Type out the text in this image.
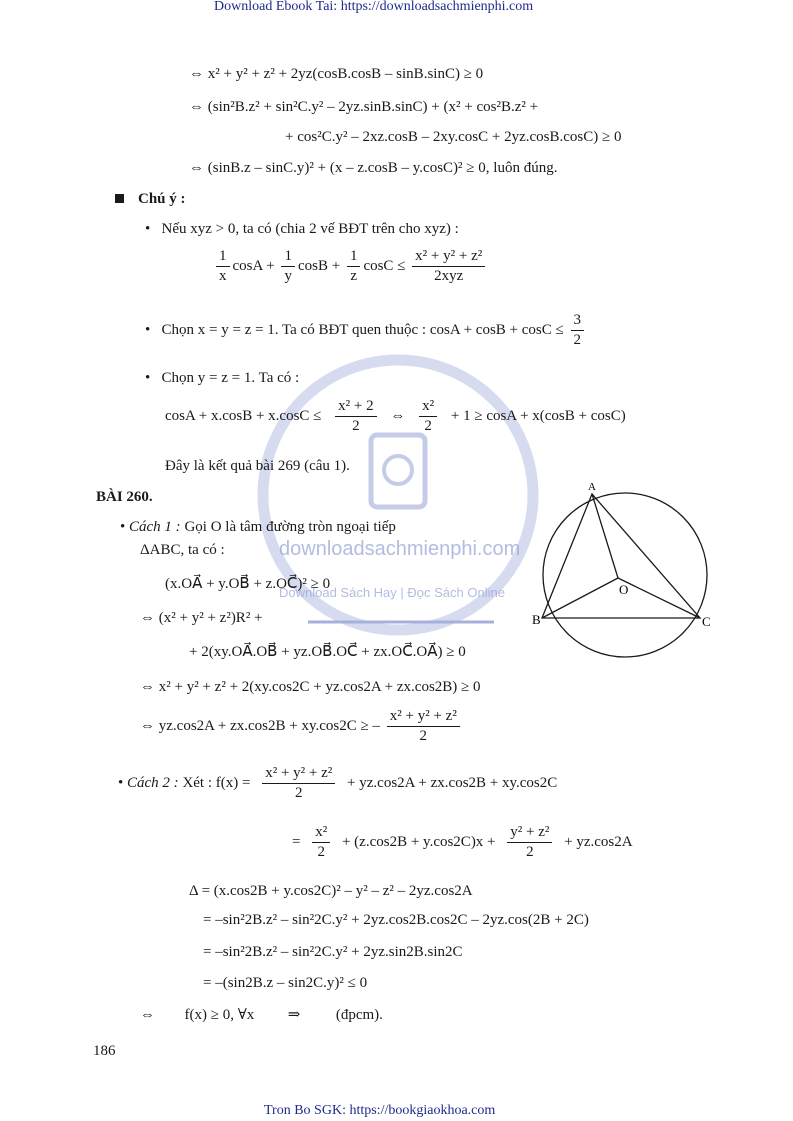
Download Ebook Tai: https://downloadsachmienphi.com
downloadsachmienphi.com
Download Sách Hay | Đọc Sách Online
⇔ x² + y² + z² + 2yz(cosB.cosB – sinB.sinC) ≥ 0
⇔ (sin²B.z² + sin²C.y² – 2yz.sinB.sinC) + (x² + cos²B.z² +
+ cos²C.y² – 2xz.cosB – 2xy.cosC + 2yz.cosB.cosC) ≥ 0
⇔ (sinB.z – sinC.y)² + (x – z.cosB – y.cosC)² ≥ 0, luôn đúng.
Chú ý :
• Nếu xyz > 0, ta có (chia 2 vế BĐT trên cho xyz) :
$\frac{1}{x}$ $\cos A + \frac{1}{y}$ $\cos B + \frac{1}{z}$ $\cos C \le \frac{\text{x² + y² + z²}}{\text{2xyz}}$
• Chọn x = y = z = 1. Ta có BĐT quen thuộc : $\cos A + \cos B + \cos C \le \frac{3}{2}$
• Chọn y = z = 1. Ta có :
$\cos A + x.\cos B + x.\cos C \le \frac{\text{x² + 2}}{2}$ ⇔ $\frac{\text{x²}}{2} + 1 \ge \cos A + x(\cos B + \cos C)$
Đây là kết quả bài 269 (câu 1).
BÀI 260.
• Cách 1 : Gọi O là tâm đường tròn ngoại tiếp
ΔABC, ta có :
(x.OA⃗ + y.OB⃗ + z.OC⃗)² ≥ 0
⇔ (x² + y² + z²)R² +
+ 2(xy.OA⃗.OB⃗ + yz.OB⃗.OC⃗ + zx.OC⃗.OA⃗) ≥ 0
⇔ x² + y² + z² + 2(xy.cos2C + yz.cos2A + zx.cos2B) ≥ 0
⇔ yz.cos2A + zx.cos2B + xy.cos2C ≥ – $\frac{\text{x² + y² + z²}}{2}$
A
B	C
O
• Cách 2 : Xét : $f(x) = \frac{\text{x² + y² + z²}}{2} + yz.\cos 2A + zx.\cos 2B + xy.\cos 2C$
= $\frac{\text{x²}}{2} + (z.\cos 2B + y.\cos 2C)x + \frac{\text{y² + z²}}{2} + yz.\cos 2A$
Δ = (x.cos2B + y.cos2C)² – y² – z² – 2yz.cos2A
= –sin²2B.z² – sin²2C.y² + 2yz.cos2B.cos2C – 2yz.cos(2B + 2C)
= –sin²2B.z² – sin²2C.y² + 2yz.sin2B.sin2C
= –(sin2B.z – sin2C.y)² ≤ 0
⇔ f(x) ≥ 0, ∀x ⇒ (đpcm).
186
Tron Bo SGK: https://bookgiaokhoa.com
